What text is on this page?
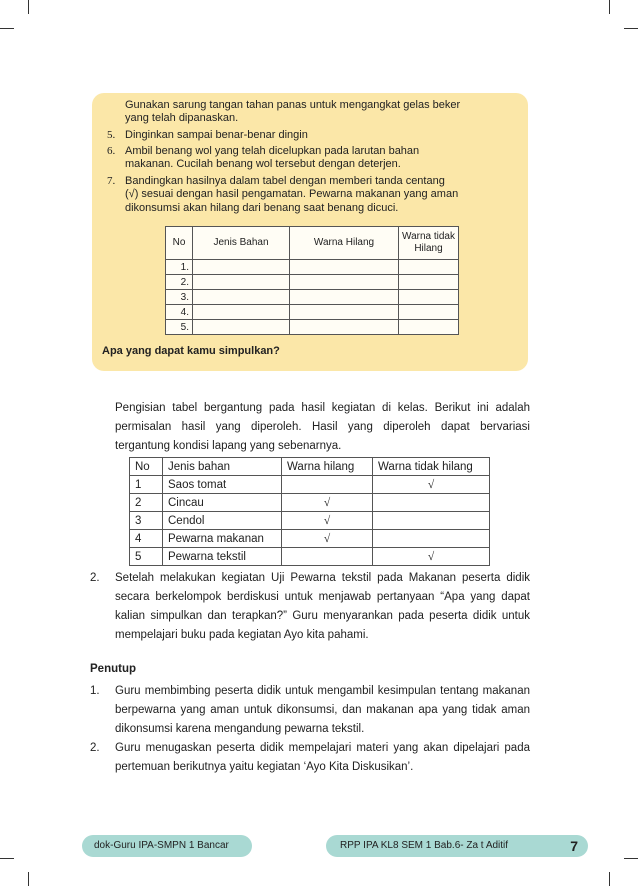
Gunakan sarung tangan tahan panas untuk mengangkat gelas beker
yang telah dipanaskan.
5. Dinginkan sampai benar-benar dingin
6. Ambil benang wol yang telah dicelupkan pada larutan bahan
makanan. Cucilah benang wol tersebut dengan deterjen.
7. Bandingkan hasilnya dalam tabel dengan memberi tanda centang
(√) sesuai dengan hasil pengamatan. Pewarna makanan yang aman
dikonsumsi akan hilang dari benang saat benang dicuci.
No	Jenis Bahan	Warna Hilang	Warna tidak Hilang
1.			
2.			
3.			
4.			
5.			
Apa yang dapat kamu simpulkan?
Pengisian tabel bergantung pada hasil kegiatan di kelas. Berikut ini adalah permisalan hasil yang diperoleh. Hasil yang diperoleh dapat bervariasi tergantung kondisi lapang yang sebenarnya.
No	Jenis bahan	Warna hilang	Warna tidak hilang
1	Saos tomat		√
2	Cincau	√	
3	Cendol	√	
4	Pewarna makanan	√	
5	Pewarna tekstil		√
2. Setelah melakukan kegiatan Uji Pewarna tekstil pada Makanan peserta didik secara berkelompok berdiskusi untuk menjawab pertanyaan “Apa yang dapat kalian simpulkan dan terapkan?” Guru menyarankan pada peserta didik untuk mempelajari buku pada kegiatan Ayo kita pahami.
Penutup
1. Guru membimbing peserta didik untuk mengambil kesimpulan tentang makanan berpewarna yang aman untuk dikonsumsi, dan makanan apa yang tidak aman dikonsumsi karena mengandung pewarna tekstil.
2. Guru menugaskan peserta didik mempelajari materi yang akan dipelajari pada pertemuan berikutnya yaitu kegiatan ‘Ayo Kita Diskusikan’.
dok-Guru IPA-SMPN 1 Bancar	RPP IPA KL8 SEM 1 Bab.6- Za t Aditif	7
